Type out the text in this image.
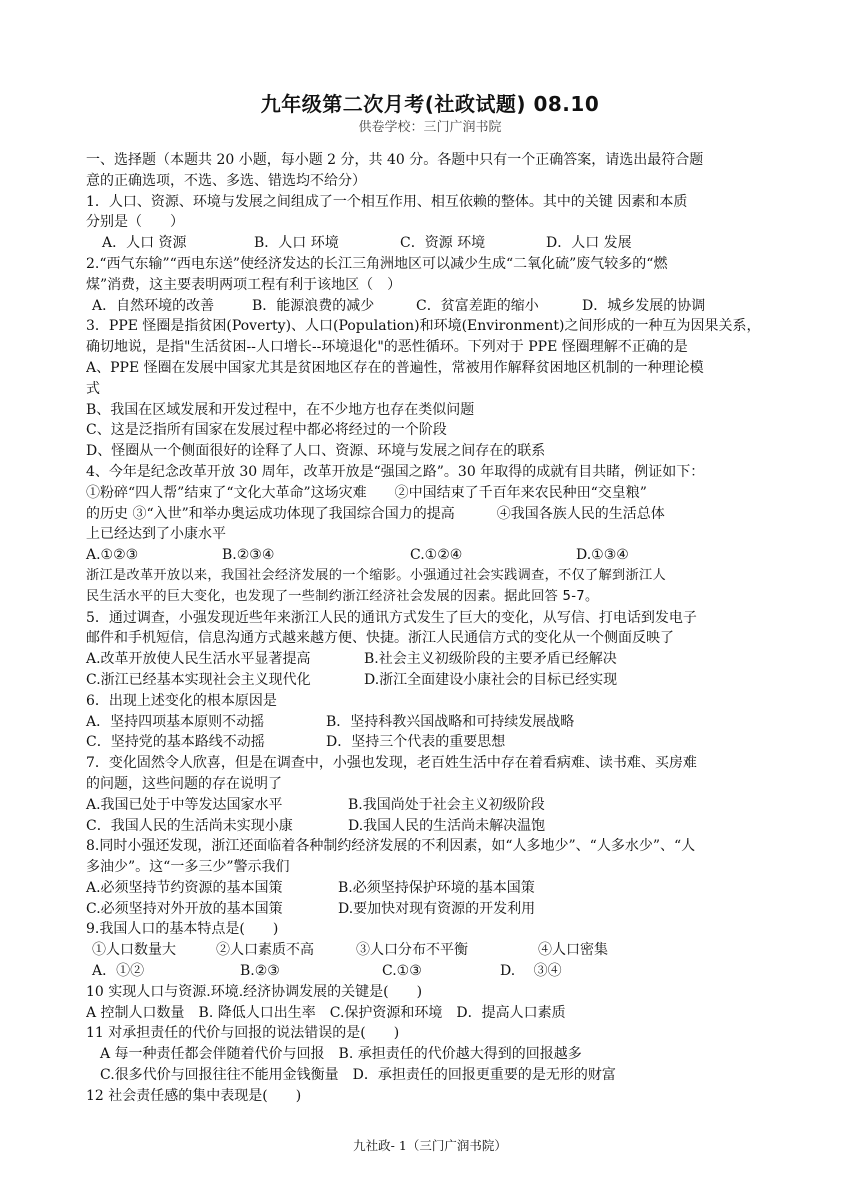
九年级第二次月考(社政试题) 08.10
供卷学校：三门广润书院
一、选择题（本题共 20 小题，每小题 2 分，共 40 分。各题中只有一个正确答案，请选出最符合题
意的正确选项，不选、多选、错选均不给分）
1．人口、资源、环境与发展之间组成了一个相互作用、相互依赖的整体。其中的关键 因素和本质
分别是（　　）
A．人口 资源	B．人口 环境	C．资源 环境	D．人口 发展
2.“西气东输”“西电东送”使经济发达的长江三角洲地区可以减少生成“二氧化硫”废气较多的“燃
煤”消费，这主要表明两项工程有利于该地区（　）
A．自然环境的改善	B．能源浪费的减少	C．贫富差距的缩小	D．城乡发展的协调
3．PPE 怪圈是指贫困(Poverty)、人口(Population)和环境(Environment)之间形成的一种互为因果关系，
确切地说，是指"生活贫困--人口增长--环境退化"的恶性循环。下列对于 PPE 怪圈理解不正确的是
A、PPE 怪圈在发展中国家尤其是贫困地区存在的普遍性，常被用作解释贫困地区机制的一种理论模
式
B、我国在区域发展和开发过程中，在不少地方也存在类似问题
C、这是泛指所有国家在发展过程中都必将经过的一个阶段
D、怪圈从一个侧面很好的诠释了人口、资源、环境与发展之间存在的联系
4、今年是纪念改革开放 30 周年，改革开放是“强国之路”。30 年取得的成就有目共睹，例证如下：
①粉碎“四人帮”结束了“文化大革命”这场灾难　　②中国结束了千百年来农民种田“交皇粮”
的历史 ③“入世”和举办奥运成功体现了我国综合国力的提高　　　④我国各族人民的生活总体
上已经达到了小康水平
A.①②③	B.②③④	C.①②④	D.①③④
浙江是改革开放以来，我国社会经济发展的一个缩影。小强通过社会实践调查，不仅了解到浙江人
民生活水平的巨大变化，也发现了一些制约浙江经济社会发展的因素。据此回答 5-7。
5．通过调查，小强发现近些年来浙江人民的通讯方式发生了巨大的变化，从写信、打电话到发电子
邮件和手机短信，信息沟通方式越来越方便、快捷。浙江人民通信方式的变化从一个侧面反映了
A.改革开放使人民生活水平显著提高	B.社会主义初级阶段的主要矛盾已经解决
C.浙江已经基本实现社会主义现代化	D.浙江全面建设小康社会的目标已经实现
6．出现上述变化的根本原因是
A．坚持四项基本原则不动摇	B．坚持科教兴国战略和可持续发展战略
C．坚持党的基本路线不动摇	D．坚持三个代表的重要思想
7．变化固然令人欣喜，但是在调查中，小强也发现，老百姓生活中存在着看病难、读书难、买房难
的问题，这些问题的存在说明了
A.我国已处于中等发达国家水平	B.我国尚处于社会主义初级阶段
C．我国人民的生活尚未实现小康	D.我国人民的生活尚未解决温饱
8.同时小强还发现，浙江还面临着各种制约经济发展的不利因素，如“人多地少”、“人多水少”、“人
多油少”。这“一多三少”警示我们
A.必须坚持节约资源的基本国策	B.必须坚持保护环境的基本国策
C.必须坚持对外开放的基本国策	D.要加快对现有资源的开发利用
9.我国人口的基本特点是(　　)
①人口数量大	②人口素质不高	③人口分布不平衡	④人口密集
A．①②	B.②③	C.①③	D.　 ③④
10 实现人口与资源.环境.经济协调发展的关键是(　　)
A 控制人口数量　B. 降低人口出生率　C.保护资源和环境　D．提高人口素质
11 对承担责任的代价与回报的说法错误的是(　　)
A 每一种责任都会伴随着代价与回报　B. 承担责任的代价越大得到的回报越多
C.很多代价与回报往往不能用金钱衡量　D．承担责任的回报更重要的是无形的财富
12 社会责任感的集中表现是(　　)
九社政- 1（三门广润书院）
